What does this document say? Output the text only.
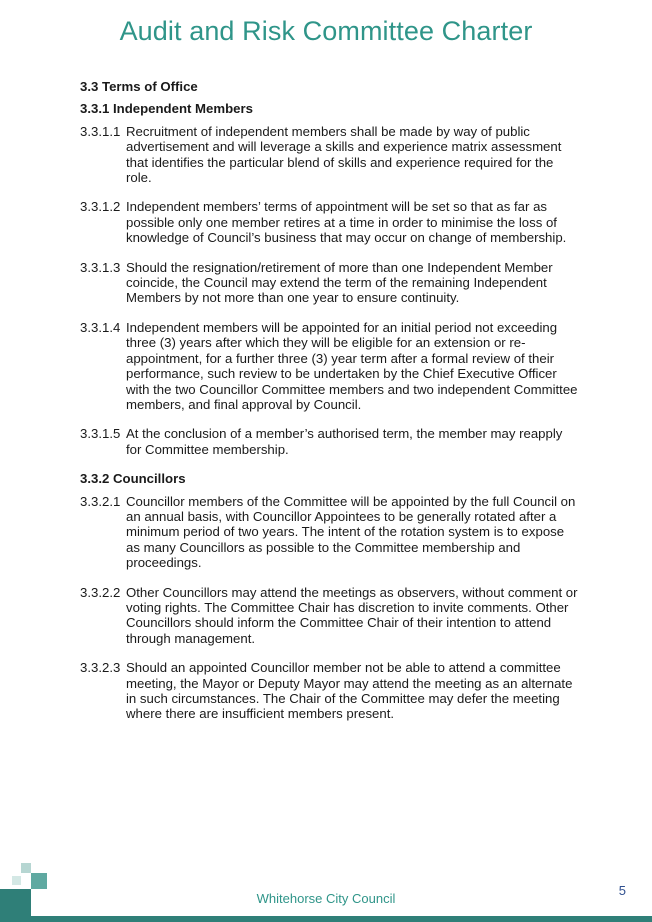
Audit and Risk Committee Charter
3.3 Terms of Office
3.3.1 Independent Members
3.3.1.1 Recruitment of independent members shall be made by way of public advertisement and will leverage a skills and experience matrix assessment that identifies the particular blend of skills and experience required for the role.
3.3.1.2 Independent members’ terms of appointment will be set so that as far as possible only one member retires at a time in order to minimise the loss of knowledge of Council’s business that may occur on change of membership.
3.3.1.3 Should the resignation/retirement of more than one Independent Member coincide, the Council may extend the term of the remaining Independent Members by not more than one year to ensure continuity.
3.3.1.4 Independent members will be appointed for an initial period not exceeding three (3) years after which they will be eligible for an extension or re-appointment, for a further three (3) year term after a formal review of their performance, such review to be undertaken by the Chief Executive Officer with the two Councillor Committee members and two independent Committee members, and final approval by Council.
3.3.1.5 At the conclusion of a member’s authorised term, the member may reapply for Committee membership.
3.3.2 Councillors
3.3.2.1 Councillor members of the Committee will be appointed by the full Council on an annual basis, with Councillor Appointees to be generally rotated after a minimum period of two years. The intent of the rotation system is to expose as many Councillors as possible to the Committee membership and proceedings.
3.3.2.2 Other Councillors may attend the meetings as observers, without comment or voting rights. The Committee Chair has discretion to invite comments. Other Councillors should inform the Committee Chair of their intention to attend through management.
3.3.2.3 Should an appointed Councillor member not be able to attend a committee meeting, the Mayor or Deputy Mayor may attend the meeting as an alternate in such circumstances. The Chair of the Committee may defer the meeting where there are insufficient members present.
Whitehorse City Council
5
